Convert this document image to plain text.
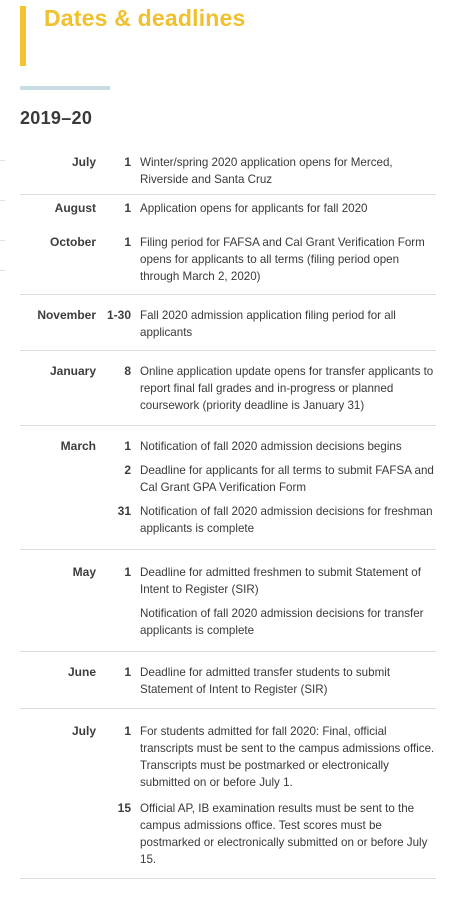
Dates & deadlines
2019–20
July	1 Winter/spring 2020 application opens for Merced, Riverside and Santa Cruz
August	1 Application opens for applicants for fall 2020
October	1 Filing period for FAFSA and Cal Grant Verification Form opens for applicants to all terms (filing period open through March 2, 2020)
November 1-30 Fall 2020 admission application filing period for all applicants
January	8 Online application update opens for transfer applicants to report final fall grades and in-progress or planned coursework (priority deadline is January 31)
March	1 Notification of fall 2020 admission decisions begins
2 Deadline for applicants for all terms to submit FAFSA and Cal Grant GPA Verification Form
31 Notification of fall 2020 admission decisions for freshman applicants is complete
May	1 Deadline for admitted freshmen to submit Statement of Intent to Register (SIR)
Notification of fall 2020 admission decisions for transfer applicants is complete
June	1 Deadline for admitted transfer students to submit Statement of Intent to Register (SIR)
July	1 For students admitted for fall 2020: Final, official transcripts must be sent to the campus admissions office. Transcripts must be postmarked or electronically submitted on or before July 1.
15 Official AP, IB examination results must be sent to the campus admissions office. Test scores must be postmarked or electronically submitted on or before July 15.
